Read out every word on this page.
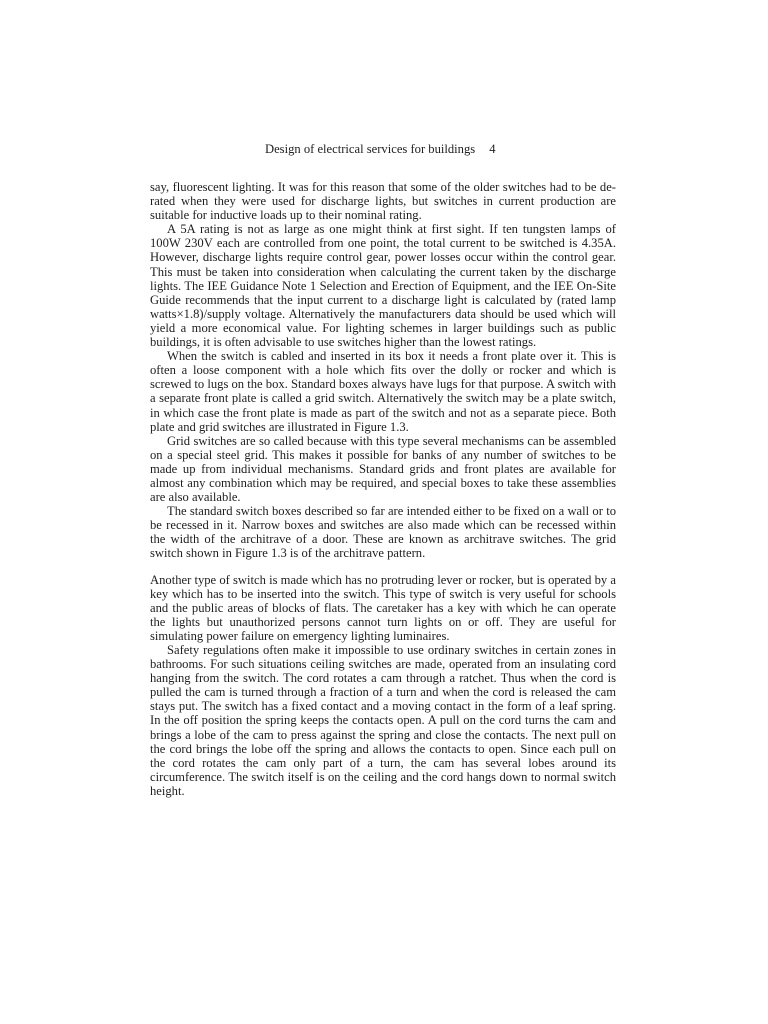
Design of electrical services for buildings 4

say, fluorescent lighting. It was for this reason that some of the older switches had to be de-rated when they were used for discharge lights, but switches in current production are suitable for inductive loads up to their nominal rating.

A 5A rating is not as large as one might think at first sight. If ten tungsten lamps of 100W 230V each are controlled from one point, the total current to be switched is 4.35A. However, discharge lights require control gear, power losses occur within the control gear. This must be taken into consideration when calculating the current taken by the discharge lights. The IEE Guidance Note 1 Selection and Erection of Equipment, and the IEE On-Site Guide recommends that the input current to a discharge light is calculated by (rated lamp watts×1.8)/supply voltage. Alternatively the manufacturers data should be used which will yield a more economical value. For lighting schemes in larger buildings such as public buildings, it is often advisable to use switches higher than the lowest ratings.

When the switch is cabled and inserted in its box it needs a front plate over it. This is often a loose component with a hole which fits over the dolly or rocker and which is screwed to lugs on the box. Standard boxes always have lugs for that purpose. A switch with a separate front plate is called a grid switch. Alternatively the switch may be a plate switch, in which case the front plate is made as part of the switch and not as a separate piece. Both plate and grid switches are illustrated in Figure 1.3.

Grid switches are so called because with this type several mechanisms can be assembled on a special steel grid. This makes it possible for banks of any number of switches to be made up from individual mechanisms. Standard grids and front plates are available for almost any combination which may be required, and special boxes to take these assemblies are also available.

The standard switch boxes described so far are intended either to be fixed on a wall or to be recessed in it. Narrow boxes and switches are also made which can be recessed within the width of the architrave of a door. These are known as architrave switches. The grid switch shown in Figure 1.3 is of the architrave pattern.

Another type of switch is made which has no protruding lever or rocker, but is operated by a key which has to be inserted into the switch. This type of switch is very useful for schools and the public areas of blocks of flats. The caretaker has a key with which he can operate the lights but unauthorized persons cannot turn lights on or off. They are useful for simulating power failure on emergency lighting luminaires.

Safety regulations often make it impossible to use ordinary switches in certain zones in bathrooms. For such situations ceiling switches are made, operated from an insulating cord hanging from the switch. The cord rotates a cam through a ratchet. Thus when the cord is pulled the cam is turned through a fraction of a turn and when the cord is released the cam stays put. The switch has a fixed contact and a moving contact in the form of a leaf spring. In the off position the spring keeps the contacts open. A pull on the cord turns the cam and brings a lobe of the cam to press against the spring and close the contacts. The next pull on the cord brings the lobe off the spring and allows the contacts to open. Since each pull on the cord rotates the cam only part of a turn, the cam has several lobes around its circumference. The switch itself is on the ceiling and the cord hangs down to normal switch height.
